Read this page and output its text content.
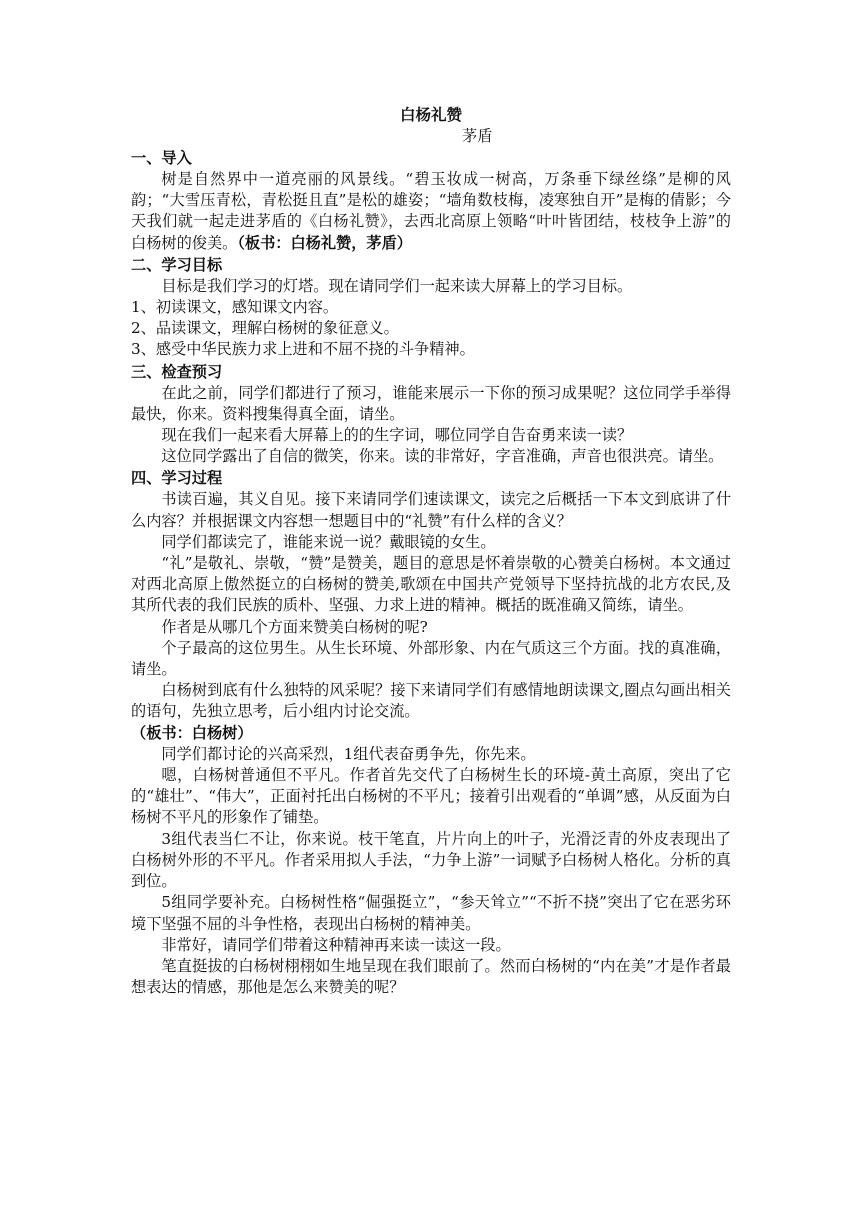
白杨礼赞
茅盾
一、导入
树是自然界中一道亮丽的风景线。“碧玉妆成一树高，万条垂下绿丝绦”是柳的风韵；“大雪压青松，青松挺且直”是松的雄姿；“墙角数枝梅，凌寒独自开”是梅的倩影；今天我们就一起走进茅盾的《白杨礼赞》，去西北高原上领略“叶叶皆团结，枝枝争上游”的白杨树的俊美。（板书：白杨礼赞，茅盾）
二、学习目标
目标是我们学习的灯塔。现在请同学们一起来读大屏幕上的学习目标。
1、初读课文，感知课文内容。
2、品读课文，理解白杨树的象征意义。
3、感受中华民族力求上进和不屈不挠的斗争精神。
三、检查预习
在此之前，同学们都进行了预习，谁能来展示一下你的预习成果呢？这位同学手举得最快，你来。资料搜集得真全面，请坐。
现在我们一起来看大屏幕上的的生字词，哪位同学自告奋勇来读一读？
这位同学露出了自信的微笑，你来。读的非常好，字音准确，声音也很洪亮。请坐。
四、学习过程
书读百遍，其义自见。接下来请同学们速读课文，读完之后概括一下本文到底讲了什么内容？并根据课文内容想一想题目中的“礼赞”有什么样的含义？
同学们都读完了，谁能来说一说？戴眼镜的女生。
“礼”是敬礼、崇敬，“赞”是赞美，题目的意思是怀着崇敬的心赞美白杨树。本文通过对西北高原上傲然挺立的白杨树的赞美,歌颂在中国共产党领导下坚持抗战的北方农民,及其所代表的我们民族的质朴、坚强、力求上进的精神。概括的既准确又简练，请坐。
作者是从哪几个方面来赞美白杨树的呢?
个子最高的这位男生。从生长环境、外部形象、内在气质这三个方面。找的真准确，请坐。
白杨树到底有什么独特的风采呢？接下来请同学们有感情地朗读课文,圈点勾画出相关的语句，先独立思考，后小组内讨论交流。
（板书：白杨树）
同学们都讨论的兴高采烈，1组代表奋勇争先，你先来。
嗯，白杨树普通但不平凡。作者首先交代了白杨树生长的环境-黄土高原，突出了它的“雄壮”、“伟大”，正面衬托出白杨树的不平凡；接着引出观看的“单调”感，从反面为白杨树不平凡的形象作了铺垫。
3组代表当仁不让，你来说。枝干笔直，片片向上的叶子，光滑泛青的外皮表现出了白杨树外形的不平凡。作者采用拟人手法，“力争上游”一词赋予白杨树人格化。分析的真到位。
5组同学要补充。白杨树性格“倔强挺立”，“参天耸立”“不折不挠”突出了它在恶劣环境下坚强不屈的斗争性格，表现出白杨树的精神美。
非常好，请同学们带着这种精神再来读一读这一段。
笔直挺拔的白杨树栩栩如生地呈现在我们眼前了。然而白杨树的“内在美”才是作者最想表达的情感，那他是怎么来赞美的呢？
